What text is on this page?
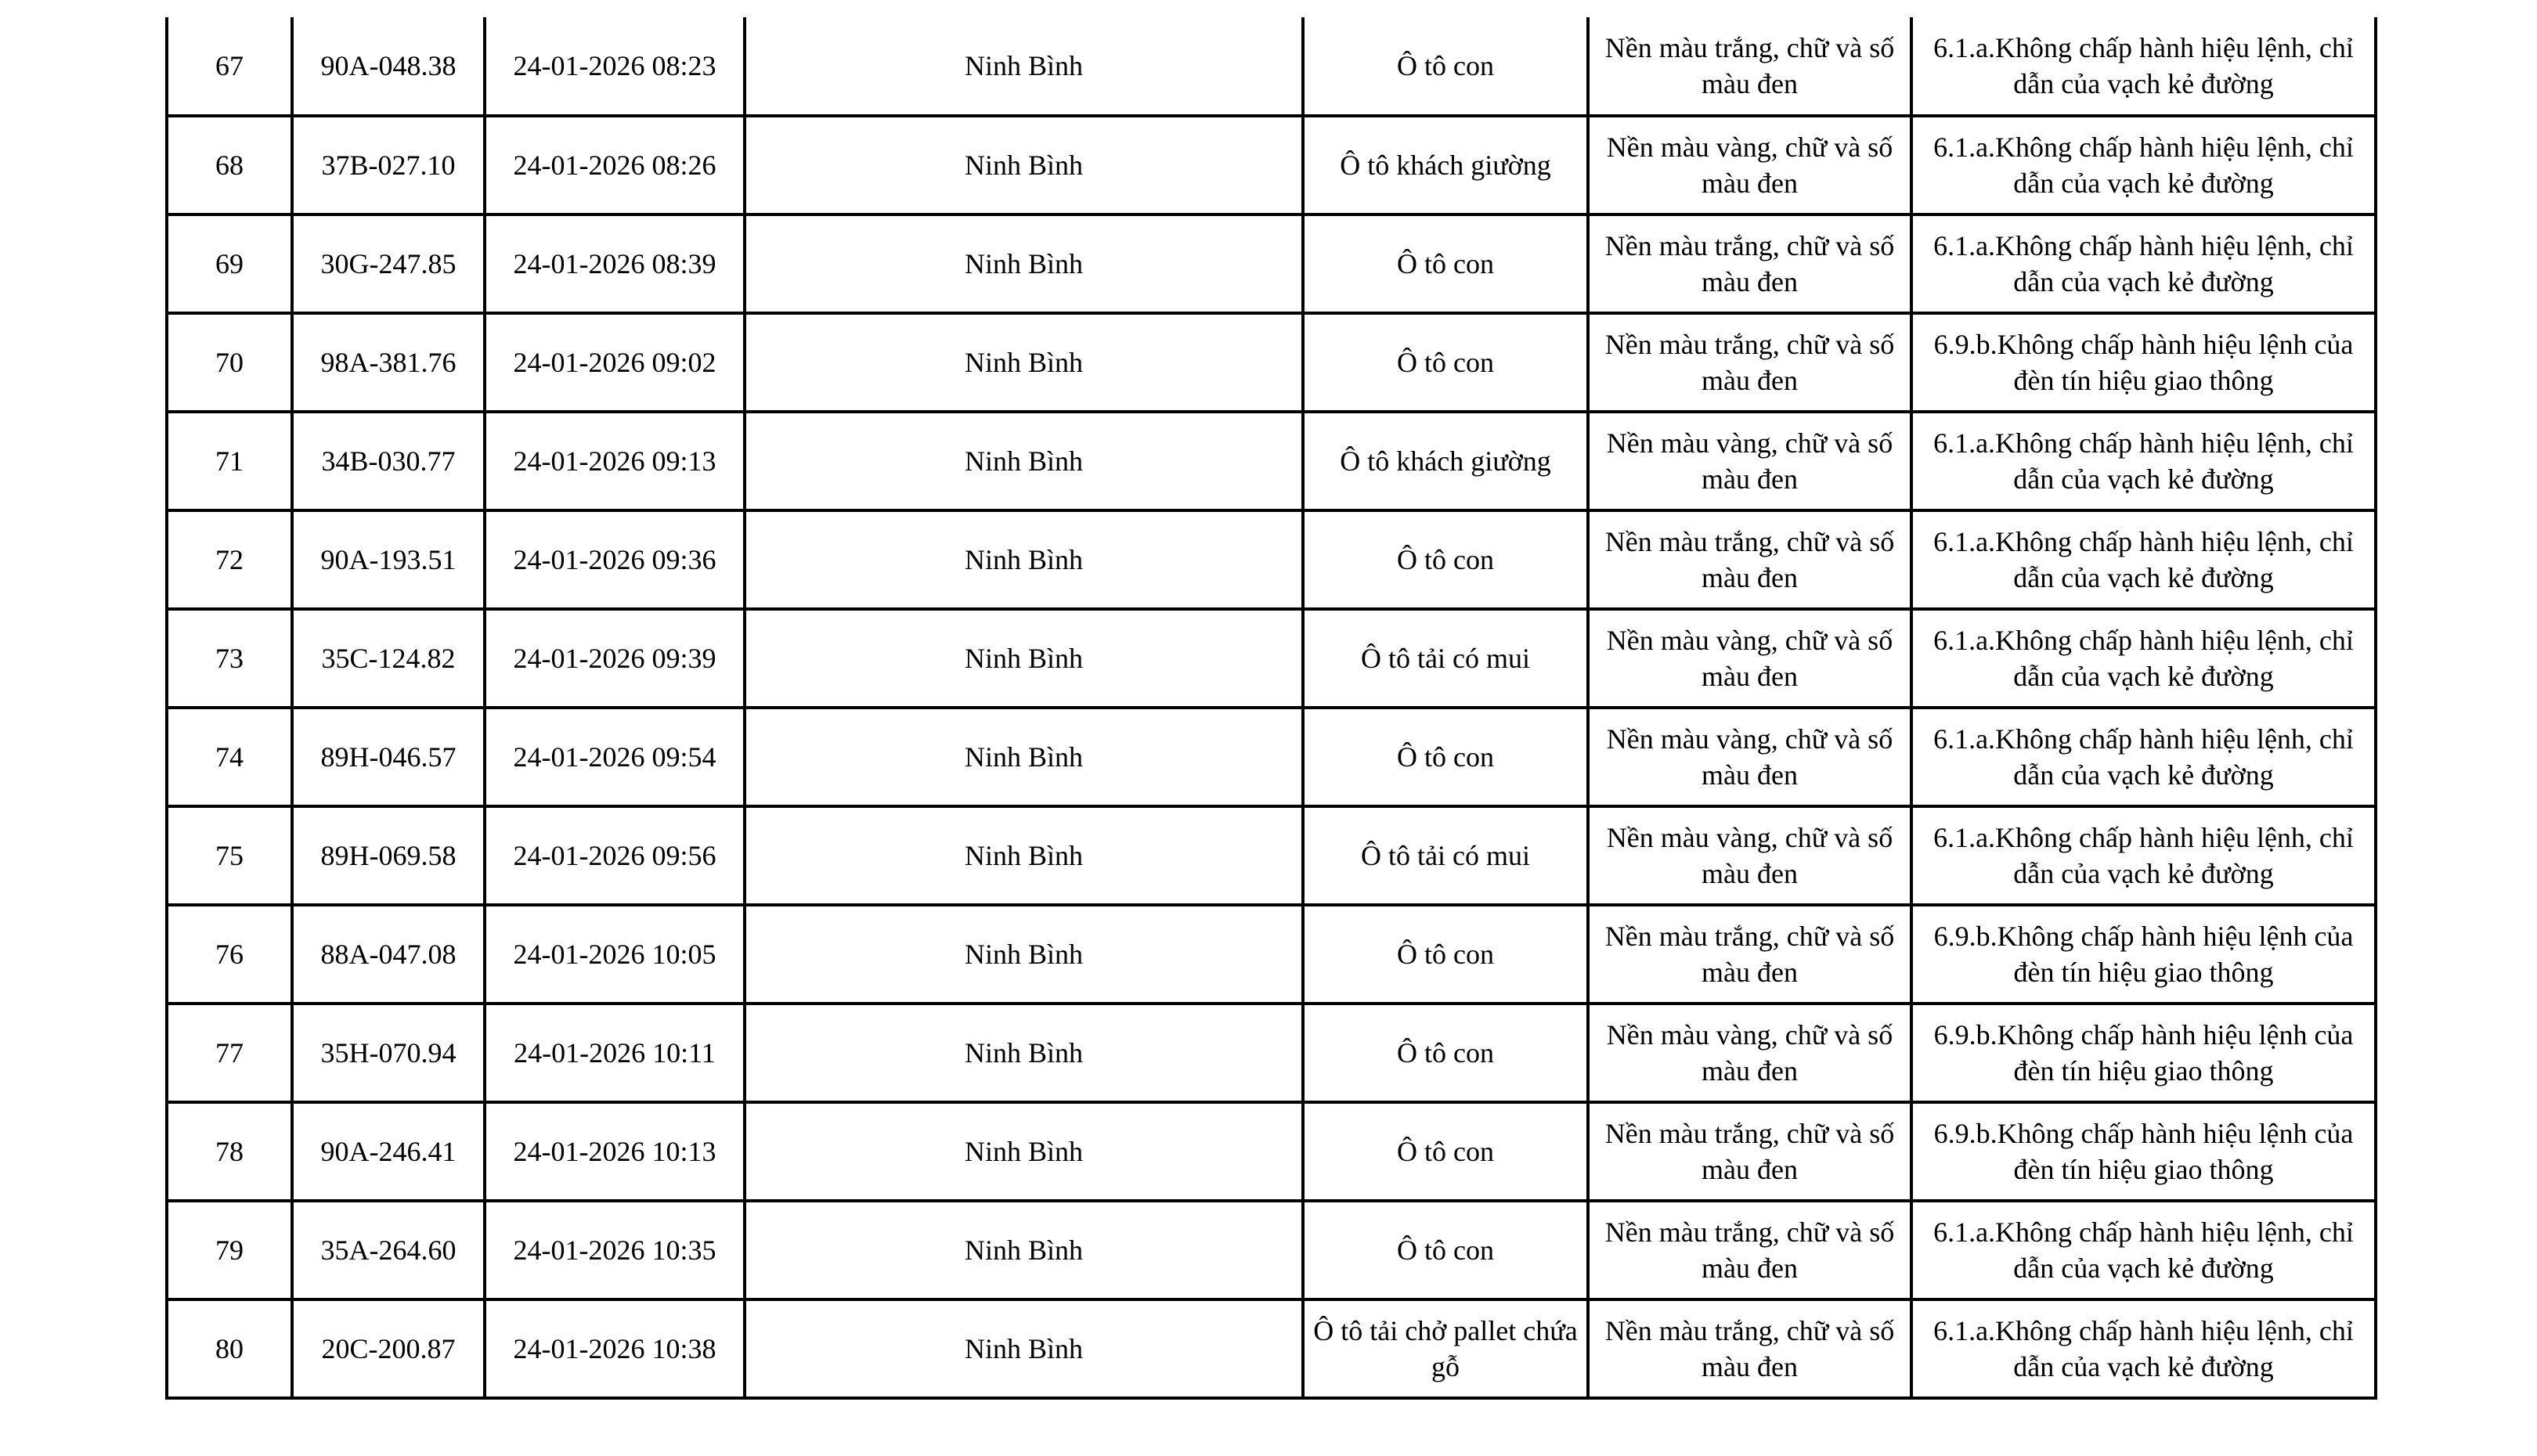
67	90A-048.38	24-01-2026 08:23	Ninh Bình	Ô tô con	Nền màu trắng, chữ và số
màu đen	6.1.a.Không chấp hành hiệu lệnh, chỉ
dẫn của vạch kẻ đường
68	37B-027.10	24-01-2026 08:26	Ninh Bình	Ô tô khách giường	Nền màu vàng, chữ và số
màu đen	6.1.a.Không chấp hành hiệu lệnh, chỉ
dẫn của vạch kẻ đường
69	30G-247.85	24-01-2026 08:39	Ninh Bình	Ô tô con	Nền màu trắng, chữ và số
màu đen	6.1.a.Không chấp hành hiệu lệnh, chỉ
dẫn của vạch kẻ đường
70	98A-381.76	24-01-2026 09:02	Ninh Bình	Ô tô con	Nền màu trắng, chữ và số
màu đen	6.9.b.Không chấp hành hiệu lệnh của
đèn tín hiệu giao thông
71	34B-030.77	24-01-2026 09:13	Ninh Bình	Ô tô khách giường	Nền màu vàng, chữ và số
màu đen	6.1.a.Không chấp hành hiệu lệnh, chỉ
dẫn của vạch kẻ đường
72	90A-193.51	24-01-2026 09:36	Ninh Bình	Ô tô con	Nền màu trắng, chữ và số
màu đen	6.1.a.Không chấp hành hiệu lệnh, chỉ
dẫn của vạch kẻ đường
73	35C-124.82	24-01-2026 09:39	Ninh Bình	Ô tô tải có mui	Nền màu vàng, chữ và số
màu đen	6.1.a.Không chấp hành hiệu lệnh, chỉ
dẫn của vạch kẻ đường
74	89H-046.57	24-01-2026 09:54	Ninh Bình	Ô tô con	Nền màu vàng, chữ và số
màu đen	6.1.a.Không chấp hành hiệu lệnh, chỉ
dẫn của vạch kẻ đường
75	89H-069.58	24-01-2026 09:56	Ninh Bình	Ô tô tải có mui	Nền màu vàng, chữ và số
màu đen	6.1.a.Không chấp hành hiệu lệnh, chỉ
dẫn của vạch kẻ đường
76	88A-047.08	24-01-2026 10:05	Ninh Bình	Ô tô con	Nền màu trắng, chữ và số
màu đen	6.9.b.Không chấp hành hiệu lệnh của
đèn tín hiệu giao thông
77	35H-070.94	24-01-2026 10:11	Ninh Bình	Ô tô con	Nền màu vàng, chữ và số
màu đen	6.9.b.Không chấp hành hiệu lệnh của
đèn tín hiệu giao thông
78	90A-246.41	24-01-2026 10:13	Ninh Bình	Ô tô con	Nền màu trắng, chữ và số
màu đen	6.9.b.Không chấp hành hiệu lệnh của
đèn tín hiệu giao thông
79	35A-264.60	24-01-2026 10:35	Ninh Bình	Ô tô con	Nền màu trắng, chữ và số
màu đen	6.1.a.Không chấp hành hiệu lệnh, chỉ
dẫn của vạch kẻ đường
80	20C-200.87	24-01-2026 10:38	Ninh Bình	Ô tô tải chở pallet chứa gỗ	Nền màu trắng, chữ và số
màu đen	6.1.a.Không chấp hành hiệu lệnh, chỉ
dẫn của vạch kẻ đường
